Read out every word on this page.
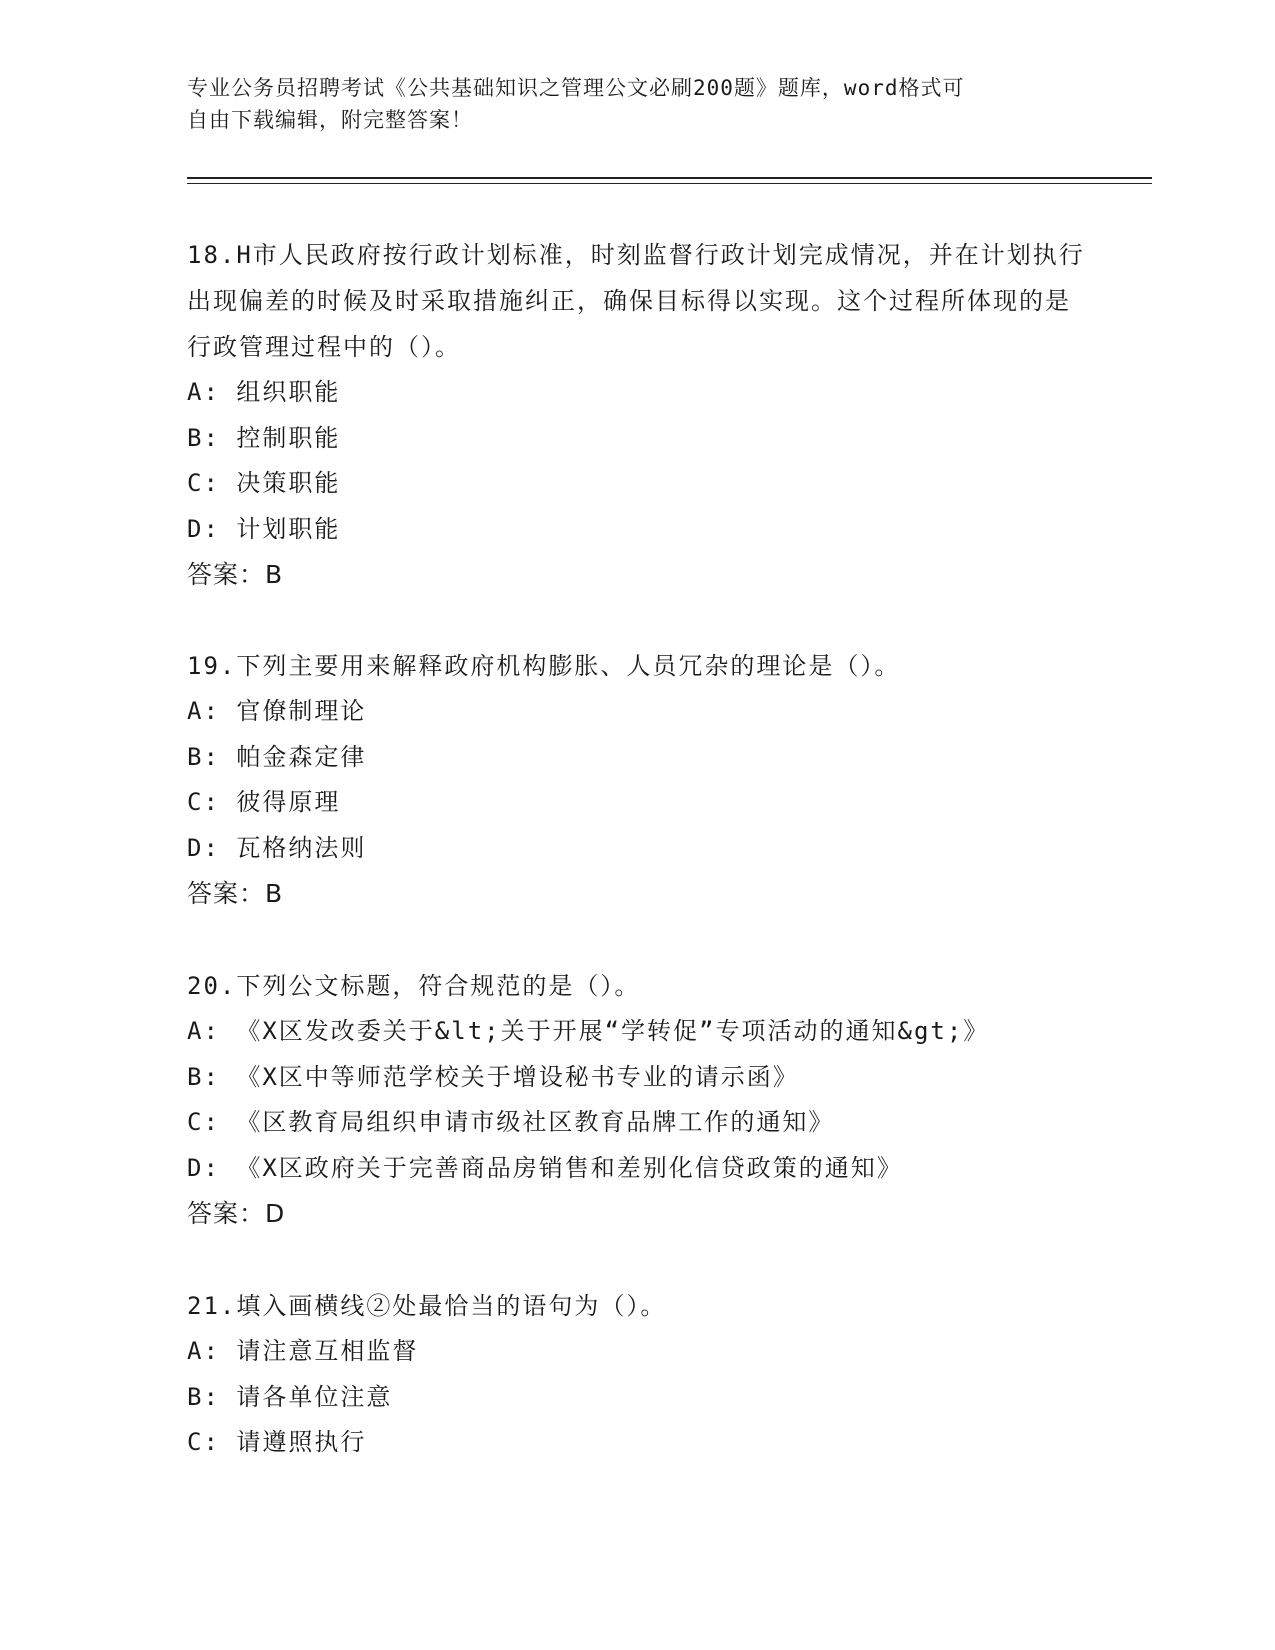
专业公务员招聘考试《公共基础知识之管理公文必刷200题》题库，word格式可
自由下载编辑，附完整答案！
18.H市人民政府按行政计划标准，时刻监督行政计划完成情况，并在计划执行出现偏差的时候及时采取措施纠正，确保目标得以实现。这个过程所体现的是行政管理过程中的（）。
A: 组织职能
B: 控制职能
C: 决策职能
D: 计划职能
答案：B
19.下列主要用来解释政府机构膨胀、人员冗杂的理论是（）。
A: 官僚制理论
B: 帕金森定律
C: 彼得原理
D: 瓦格纳法则
答案：B
20.下列公文标题，符合规范的是（）。
A: 《X区发改委关于&lt;关于开展“学转促”专项活动的通知&gt;》
B: 《X区中等师范学校关于增设秘书专业的请示函》
C: 《区教育局组织申请市级社区教育品牌工作的通知》
D: 《X区政府关于完善商品房销售和差别化信贷政策的通知》
答案：D
21.填入画横线②处最恰当的语句为（）。
A: 请注意互相监督
B: 请各单位注意
C: 请遵照执行
